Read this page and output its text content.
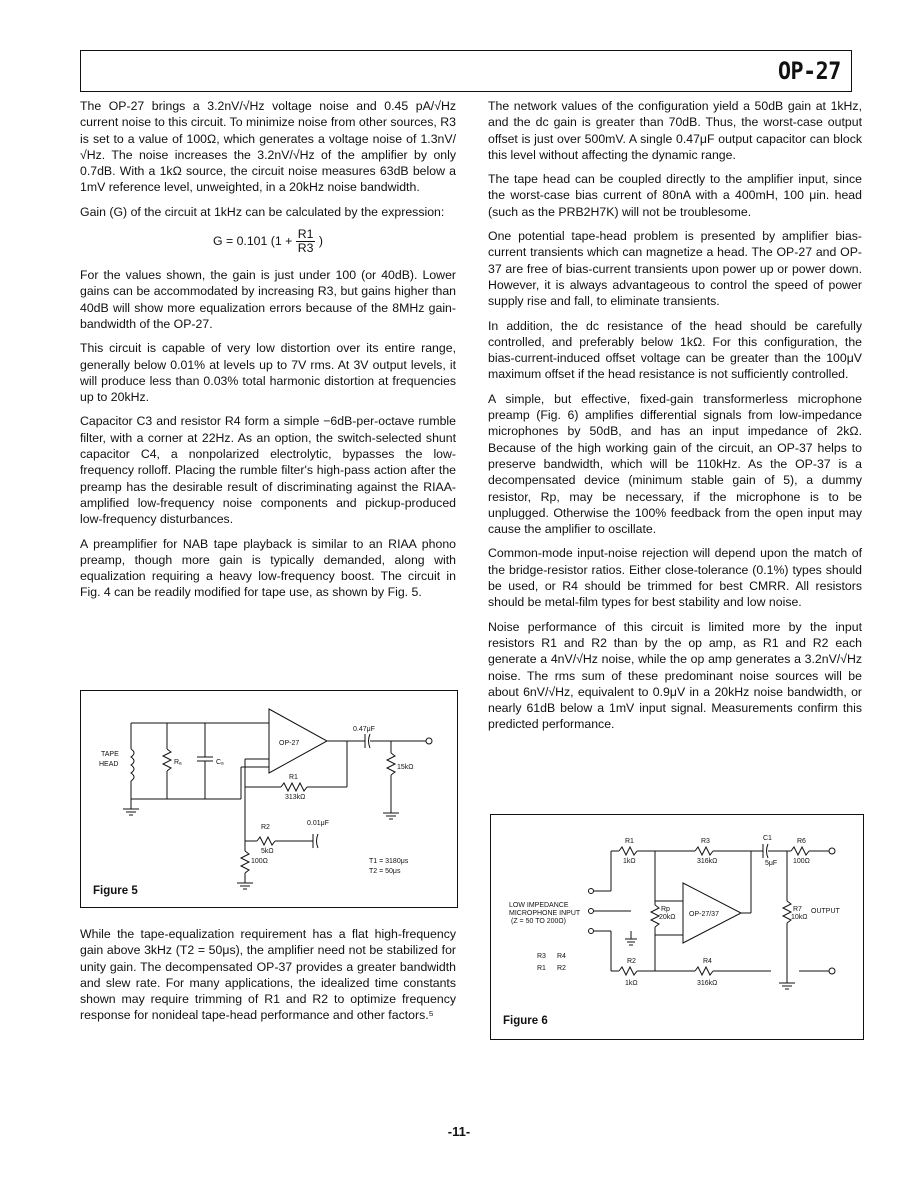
OP-27

The OP-27 brings a 3.2nV/√Hz voltage noise and 0.45 pA/√Hz current noise to this circuit. To minimize noise from other sources, R3 is set to a value of 100Ω, which generates a voltage noise of 1.3nV/√Hz. The noise increases the 3.2nV/√Hz of the amplifier by only 0.7dB. With a 1kΩ source, the circuit noise measures 63dB below a 1mV reference level, unweighted, in a 20kHz noise bandwidth.

Gain (G) of the circuit at 1kHz can be calculated by the expression:

G = 0.101 ($1 + \frac{R1}{R3}$ )

For the values shown, the gain is just under 100 (or 40dB). Lower gains can be accommodated by increasing R3, but gains higher than 40dB will show more equalization errors because of the 8MHz gain-bandwidth of the OP-27.

This circuit is capable of very low distortion over its entire range, generally below 0.01% at levels up to 7V rms. At 3V output levels, it will produce less than 0.03% total harmonic distortion at frequencies up to 20kHz.

Capacitor C3 and resistor R4 form a simple −6dB-per-octave rumble filter, with a corner at 22Hz. As an option, the switch-selected shunt capacitor C4, a nonpolarized electrolytic, bypasses the low-frequency rolloff. Placing the rumble filter's high-pass action after the preamp has the desirable result of discriminating against the RIAA-amplified low-frequency noise components and pickup-produced low-frequency disturbances.

A preamplifier for NAB tape playback is similar to an RIAA phono preamp, though more gain is typically demanded, along with equalization requiring a heavy low-frequency boost. The circuit in Fig. 4 can be readily modified for tape use, as shown by Fig. 5.

TAPE
HEAD	Rₐ	Cₐ
OP-27
0.47μF
15kΩ
R1
313kΩ
R2
5kΩ
0.01μF
100Ω	T1 = 3180μs
T2 = 50μs
Figure 5

While the tape-equalization requirement has a flat high-frequency gain above 3kHz (T2 = 50μs), the amplifier need not be stabilized for unity gain. The decompensated OP-37 provides a greater bandwidth and slew rate. For many applications, the idealized time constants shown may require trimming of R1 and R2 to optimize frequency response for nonideal tape-head performance and other factors.⁵

The network values of the configuration yield a 50dB gain at 1kHz, and the dc gain is greater than 70dB. Thus, the worst-case output offset is just over 500mV. A single 0.47μF output capacitor can block this level without affecting the dynamic range.

The tape head can be coupled directly to the amplifier input, since the worst-case bias current of 80nA with a 400mH, 100 μin. head (such as the PRB2H7K) will not be troublesome.

One potential tape-head problem is presented by amplifier bias-current transients which can magnetize a head. The OP-27 and OP-37 are free of bias-current transients upon power up or power down. However, it is always advantageous to control the speed of power supply rise and fall, to eliminate transients.

In addition, the dc resistance of the head should be carefully controlled, and preferably below 1kΩ. For this configuration, the bias-current-induced offset voltage can be greater than the 100μV maximum offset if the head resistance is not sufficiently controlled.

A simple, but effective, fixed-gain transformerless microphone preamp (Fig. 6) amplifies differential signals from low-impedance microphones by 50dB, and has an input impedance of 2kΩ. Because of the high working gain of the circuit, an OP-37 helps to preserve bandwidth, which will be 110kHz. As the OP-37 is a decompensated device (minimum stable gain of 5), a dummy resistor, Rp, may be necessary, if the microphone is to be unplugged. Otherwise the 100% feedback from the open input may cause the amplifier to oscillate.

Common-mode input-noise rejection will depend upon the match of the bridge-resistor ratios. Either close-tolerance (0.1%) types should be used, or R4 should be trimmed for best CMRR. All resistors should be metal-film types for best stability and low noise.

Noise performance of this circuit is limited more by the input resistors R1 and R2 than by the op amp, as R1 and R2 each generate a 4nV/√Hz noise, while the op amp generates a 3.2nV/√Hz noise. The rms sum of these predominant noise sources will be about 6nV/√Hz, equivalent to 0.9μV in a 20kHz noise bandwidth, or nearly 61dB below a 1mV input signal. Measurements confirm this predicted performance.

R1
1kΩ
R3
316kΩ
C1
5μF
R6
100Ω
LOW IMPEDANCE
MICROPHONE INPUT
(Z = 50 TO 200Ω)
Rp
20kΩ OP-27/37
R7
10kΩ
OUTPUT
R3 R4
R1 R2
R2
1kΩ
R4
316kΩ
Figure 6
-11-
